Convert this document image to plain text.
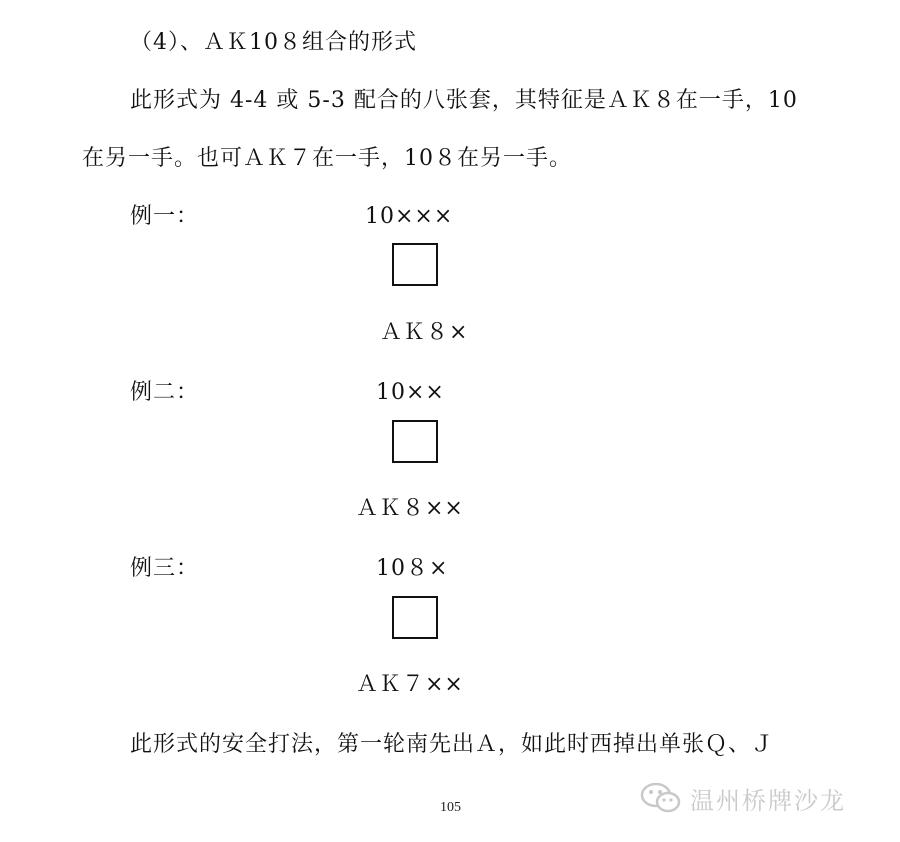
（4）、ＡＫ10８组合的形式
此形式为 4-4 或 5-3 配合的八张套，其特征是ＡＫ８在一手，10
在另一手。也可ＡＫ７在一手，10８在另一手。
例一：	10×××
ＡＫ８×
例二：	10××
ＡＫ８××
例三：	10８×
ＡＫ７××
此形式的安全打法，第一轮南先出Ａ，如此时西掉出单张Ｑ、Ｊ
105	温州桥牌沙龙
